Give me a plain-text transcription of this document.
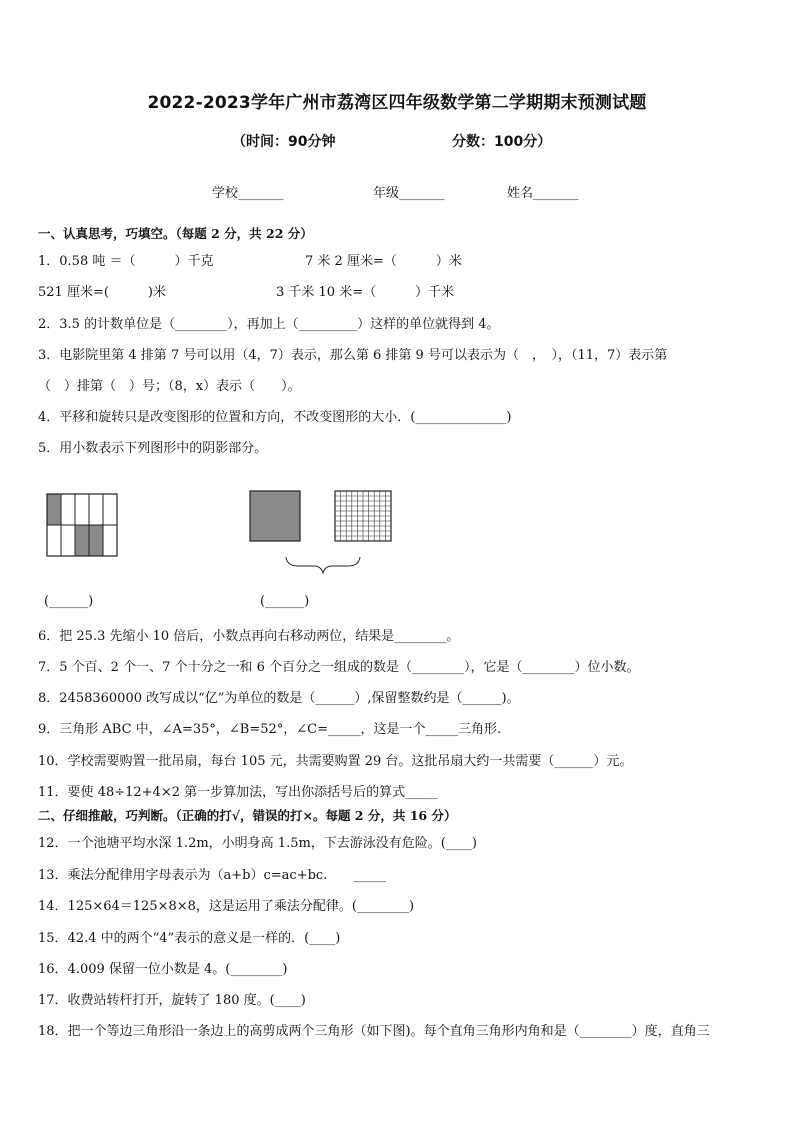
2022-2023学年广州市荔湾区四年级数学第二学期期末预测试题
（时间：90分钟	分数：100分）
学校_______	年级_______	姓名_______
一、认真思考，巧填空。（每题 2 分，共 22 分）
1．0.58 吨 ＝（　　　）千克	7 米 2 厘米=（　　　）米
521 厘米=(　　　)米	3 千米 10 米=（　　　）千米
2．3.5 的计数单位是（________），再加上（_________）这样的单位就得到 4。
3．电影院里第 4 排第 7 号可以用（4，7）表示，那么第 6 排第 9 号可以表示为（　，　），（11，7）表示第
（　）排第（　）号；（8，x）表示（　　）。
4．平移和旋转只是改变图形的位置和方向，不改变图形的大小．(______________)
5．用小数表示下列图形中的阴影部分。
(______)	(______)
6．把 25.3 先缩小 10 倍后，小数点再向右移动两位，结果是________。
7．5 个百、2 个一、7 个十分之一和 6 个百分之一组成的数是（________），它是（________）位小数。
8．2458360000 改写成以“亿”为单位的数是（______）,保留整数约是（______)。
9．三角形 ABC 中，∠A=35°，∠B=52°，∠C=_____，这是一个_____三角形.
10．学校需要购置一批吊扇，每台 105 元，共需要购置 29 台。这批吊扇大约一共需要（______）元。
11．要使 48÷12+4×2 第一步算加法，写出你添括号后的算式_____
二、仔细推敲，巧判断。（正确的打√，错误的打×。每题 2 分，共 16 分）
12．一个池塘平均水深 1.2m，小明身高 1.5m，下去游泳没有危险。(____)
13．乘法分配律用字母表示为（a+b）c=ac+bc.　　_____
14．125×64＝125×8×8，这是运用了乘法分配律。(________)
15．42.4 中的两个“4”表示的意义是一样的．(____)
16．4.009 保留一位小数是 4。(________)
17．收费站转杆打开，旋转了 180 度。(____)
18．把一个等边三角形沿一条边上的高剪成两个三角形（如下图)。每个直角三角形内角和是（________）度，直角三
